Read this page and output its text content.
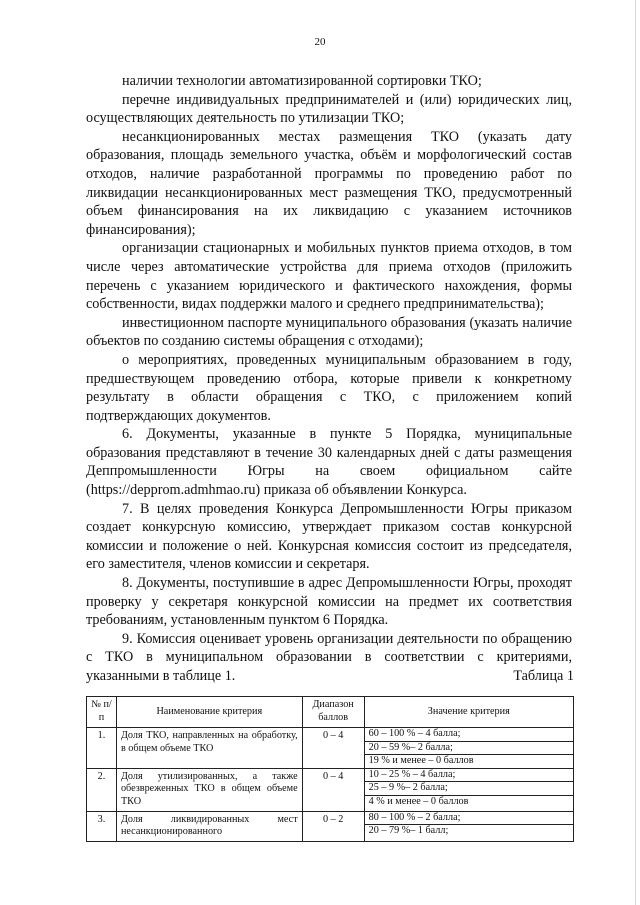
20

наличии технологии автоматизированной сортировки ТКО;

перечне индивидуальных предпринимателей и (или) юридических лиц, осуществляющих деятельность по утилизации ТКО;

несанкционированных местах размещения ТКО (указать дату образования, площадь земельного участка, объём и морфологический состав отходов, наличие разработанной программы по проведению работ по ликвидации несанкционированных мест размещения ТКО, предусмотренный объем финансирования на их ликвидацию с указанием источников финансирования);

организации стационарных и мобильных пунктов приема отходов, в том числе через автоматические устройства для приема отходов (приложить перечень с указанием юридического и фактического нахождения, формы собственности, видах поддержки малого и среднего предпринимательства);

инвестиционном паспорте муниципального образования (указать наличие объектов по созданию системы обращения с отходами);

о мероприятиях, проведенных муниципальным образованием в году, предшествующем проведению отбора, которые привели к конкретному результату в области обращения с ТКО, с приложением копий подтверждающих документов.

6. Документы, указанные в пункте 5 Порядка, муниципальные образования представляют в течение 30 календарных дней с даты размещения Деппромышленности Югры на своем официальном сайте (https://depprom.admhmao.ru) приказа об объявлении Конкурса.

7. В целях проведения Конкурса Депромышленности Югры приказом создает конкурсную комиссию, утверждает приказом состав конкурсной комиссии и положение о ней. Конкурсная комиссия состоит из председателя, его заместителя, членов комиссии и секретаря.

8. Документы, поступившие в адрес Депромышленности Югры, проходят проверку у секретаря конкурсной комиссии на предмет их соответствия требованиям, установленным пунктом 6 Порядка.

9. Комиссия оценивает уровень организации деятельности по обращению с ТКО в муниципальном образовании в соответствии с критериями, указанными в таблице 1.	Таблица 1
№ п/п	Наименование критерия	Диапазон баллов	Значение критерия
1.	Доля ТКО, направленных на обработку, в общем объеме ТКО	0 – 4	60 – 100 % – 4 балла;
20 – 59 %– 2 балла;
19 % и менее – 0 баллов

2.	Доля утилизированных, а также обезвреженных ТКО в общем объеме ТКО	0 – 4	10 – 25 % – 4 балла;
25 – 9 %– 2 балла;
4 % и менее – 0 баллов

3.	Доля ликвидированных мест несанкционированного	0 – 2	80 – 100 % – 2 балла;
20 – 79 %– 1 балл;
